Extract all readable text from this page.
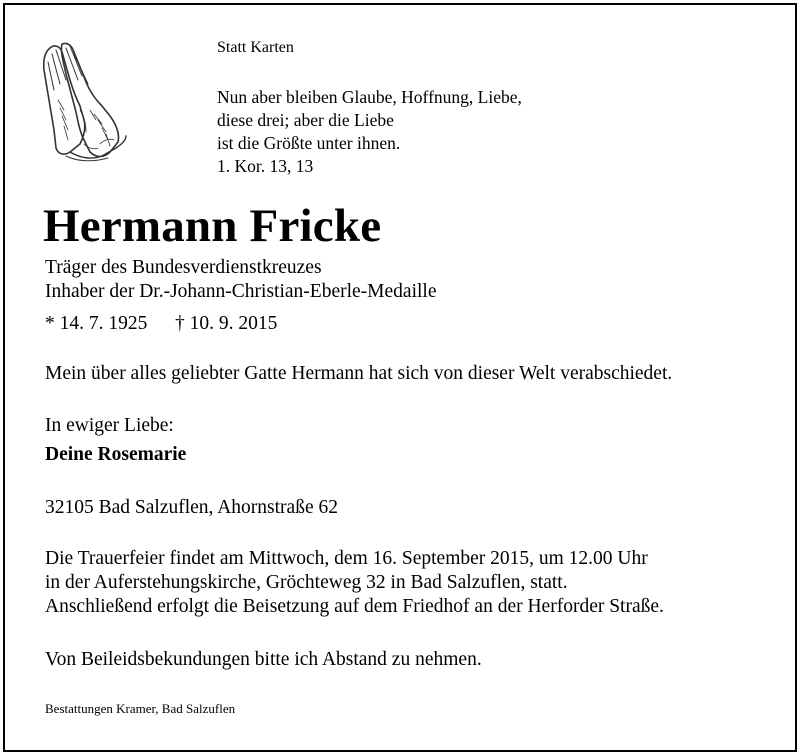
Statt Karten
Nun aber bleiben Glaube, Hoffnung, Liebe,
diese drei; aber die Liebe
ist die Größte unter ihnen.
1. Kor. 13, 13
Hermann Fricke
Träger des Bundesverdienstkreuzes
Inhaber der Dr.-Johann-Christian-Eberle-Medaille
* 14. 7. 1925 † 10. 9. 2015
Mein über alles geliebter Gatte Hermann hat sich von dieser Welt verabschiedet.
In ewiger Liebe:
Deine Rosemarie
32105 Bad Salzuflen, Ahornstraße 62
Die Trauerfeier findet am Mittwoch, dem 16. September 2015, um 12.00 Uhr
in der Auferstehungskirche, Gröchteweg 32 in Bad Salzuflen, statt.
Anschließend erfolgt die Beisetzung auf dem Friedhof an der Herforder Straße.
Von Beileidsbekundungen bitte ich Abstand zu nehmen.
Bestattungen Kramer, Bad Salzuflen
